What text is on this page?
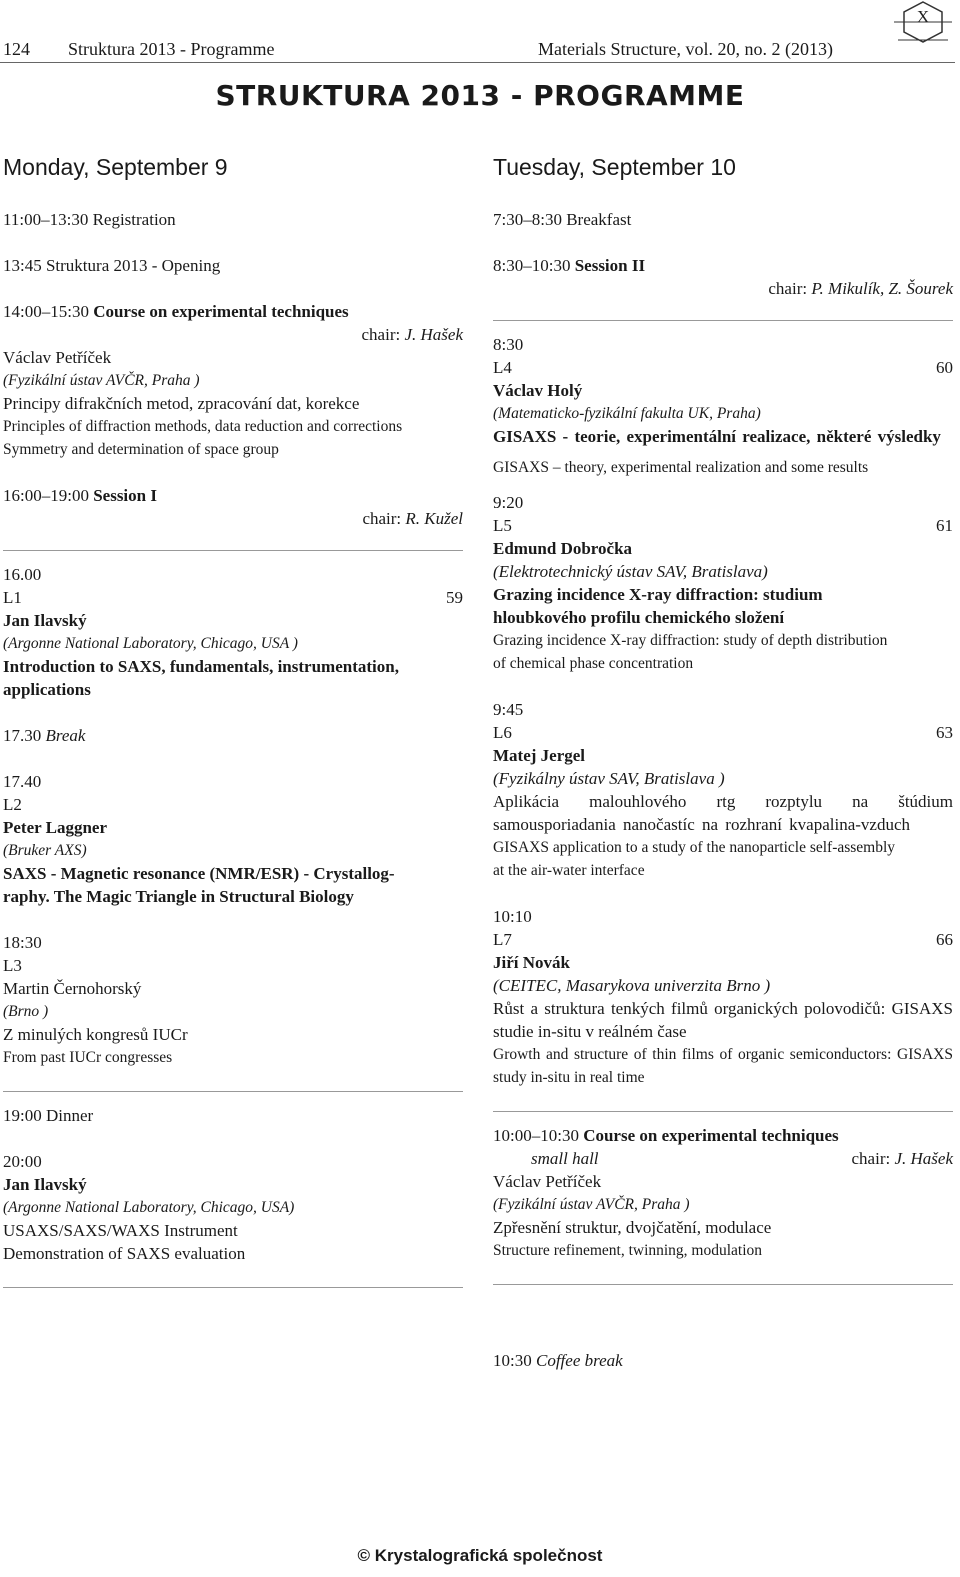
124 Struktura 2013 - Programme	Materials Structure, vol. 20, no. 2 (2013)
X
STRUKTURA 2013 - PROGRAMME
Monday, September 9	Tuesday, September 10
11:00–13:30 Registration
13:45 Struktura 2013 - Opening
14:00–15:30 Course on experimental techniques
chair: J. Hašek
Václav Petříček
(Fyzikální ústav AVČR, Praha )
Principy difrakčních metod, zpracování dat, korekce
Principles of diffraction methods, data reduction and corrections
Symmetry and determination of space group
16:00–19:00 Session I
chair: R. Kužel
16.00
L1	59
Jan Ilavský
(Argonne National Laboratory, Chicago, USA )
Introduction to SAXS, fundamentals, instrumentation,
applications
17.30 Break
17.40
L2
Peter Laggner
(Bruker AXS)
SAXS - Magnetic resonance (NMR/ESR) - Crystallog-
raphy. The Magic Triangle in Structural Biology
18:30
L3
Martin Černohorský
(Brno )
Z minulých kongresů IUCr
From past IUCr congresses
19:00 Dinner
20:00
Jan Ilavský
(Argonne National Laboratory, Chicago, USA)
USAXS/SAXS/WAXS Instrument
Demonstration of SAXS evaluation
7:30–8:30 Breakfast
8:30–10:30 Session II
chair: P. Mikulík, Z. Šourek
8:30
L4	60
Václav Holý
(Matematicko-fyzikální fakulta UK, Praha)
GISAXS - teorie, experimentální realizace, některé výsledky
GISAXS – theory, experimental realization and some results
9:20
L5	61
Edmund Dobročka
(Elektrotechnický ústav SAV, Bratislava)
Grazing incidence X-ray diffraction: studium
hloubkového profilu chemického složení
Grazing incidence X-ray diffraction: study of depth distribution
of chemical phase concentration
9:45
L6	63
Matej Jergel
(Fyzikálny ústav SAV, Bratislava )
Aplikácia malouhlového rtg rozptylu na štúdium samousporiadania nanočastíc na rozhraní kvapalina-vzduch
GISAXS application to a study of the nanoparticle self-assembly
at the air-water interface
10:10
L7	66
Jiří Novák
(CEITEC, Masarykova univerzita Brno )
Růst a struktura tenkých filmů organických polovodičů: GISAXS studie in-situ v reálném čase
Growth and structure of thin films of organic semiconductors: GISAXS study in-situ in real time
10:00–10:30 Course on experimental techniques
small hall	chair: J. Hašek
Václav Petříček
(Fyzikální ústav AVČR, Praha )
Zpřesnění struktur, dvojčatění, modulace
Structure refinement, twinning, modulation
10:30 Coffee break
© Krystalografická společnost
